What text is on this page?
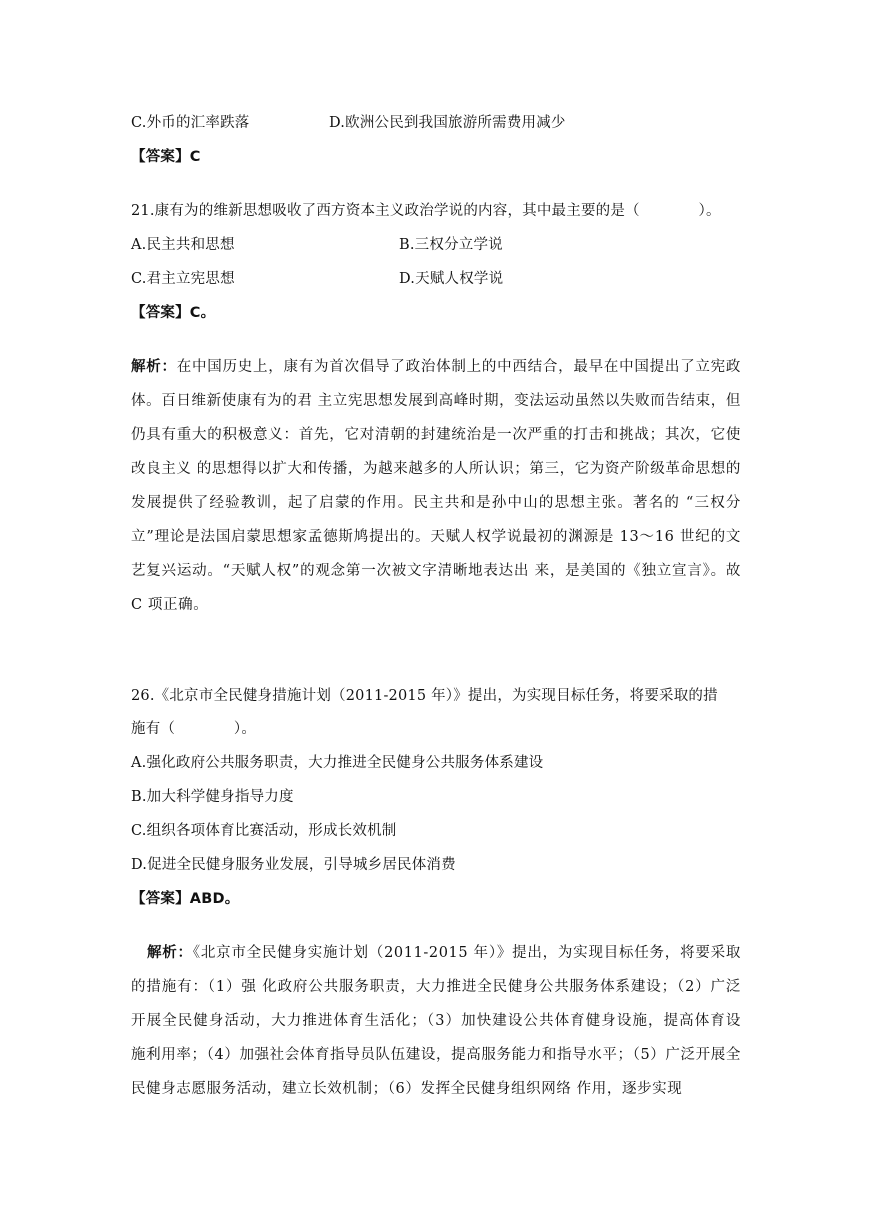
C.外币的汇率跌落	D.欧洲公民到我国旅游所需费用减少
【答案】C
21.康有为的维新思想吸收了西方资本主义政治学说的内容，其中最主要的是（　　　　）。
A.民主共和思想	B.三权分立学说
C.君主立宪思想	D.天赋人权学说
【答案】C。
解析：在中国历史上，康有为首次倡导了政治体制上的中西结合，最早在中国提出了立宪政体。百日维新使康有为的君 主立宪思想发展到高峰时期，变法运动虽然以失败而告结束，但仍具有重大的积极意义：首先，它对清朝的封建统治是一次严重的打击和挑战；其次，它使改良主义 的思想得以扩大和传播，为越来越多的人所认识；第三，它为资产阶级革命思想的发展提供了经验教训，起了启蒙的作用。民主共和是孙中山的思想主张。著名的 “三权分立”理论是法国启蒙思想家孟德斯鸠提出的。天赋人权学说最初的渊源是 13～16 世纪的文艺复兴运动。“天赋人权”的观念第一次被文字清晰地表达出 来，是美国的《独立宣言》。故 C 项正确。
26.《北京市全民健身措施计划（2011-2015 年）》提出，为实现目标任务，将要采取的措
施有（　　　　）。
A.强化政府公共服务职责，大力推进全民健身公共服务体系建设
B.加大科学健身指导力度
C.组织各项体育比赛活动，形成长效机制
D.促进全民健身服务业发展，引导城乡居民体消费
【答案】ABD。
解析：《北京市全民健身实施计划（2011-2015 年）》提出，为实现目标任务，将要采取的措施有：（1）强 化政府公共服务职责，大力推进全民健身公共服务体系建设；（2）广泛开展全民健身活动，大力推进体育生活化；（3）加快建设公共体育健身设施，提高体育设 施利用率；（4）加强社会体育指导员队伍建设，提高服务能力和指导水平；（5）广泛开展全民健身志愿服务活动，建立长效机制；（6）发挥全民健身组织网络 作用，逐步实现
